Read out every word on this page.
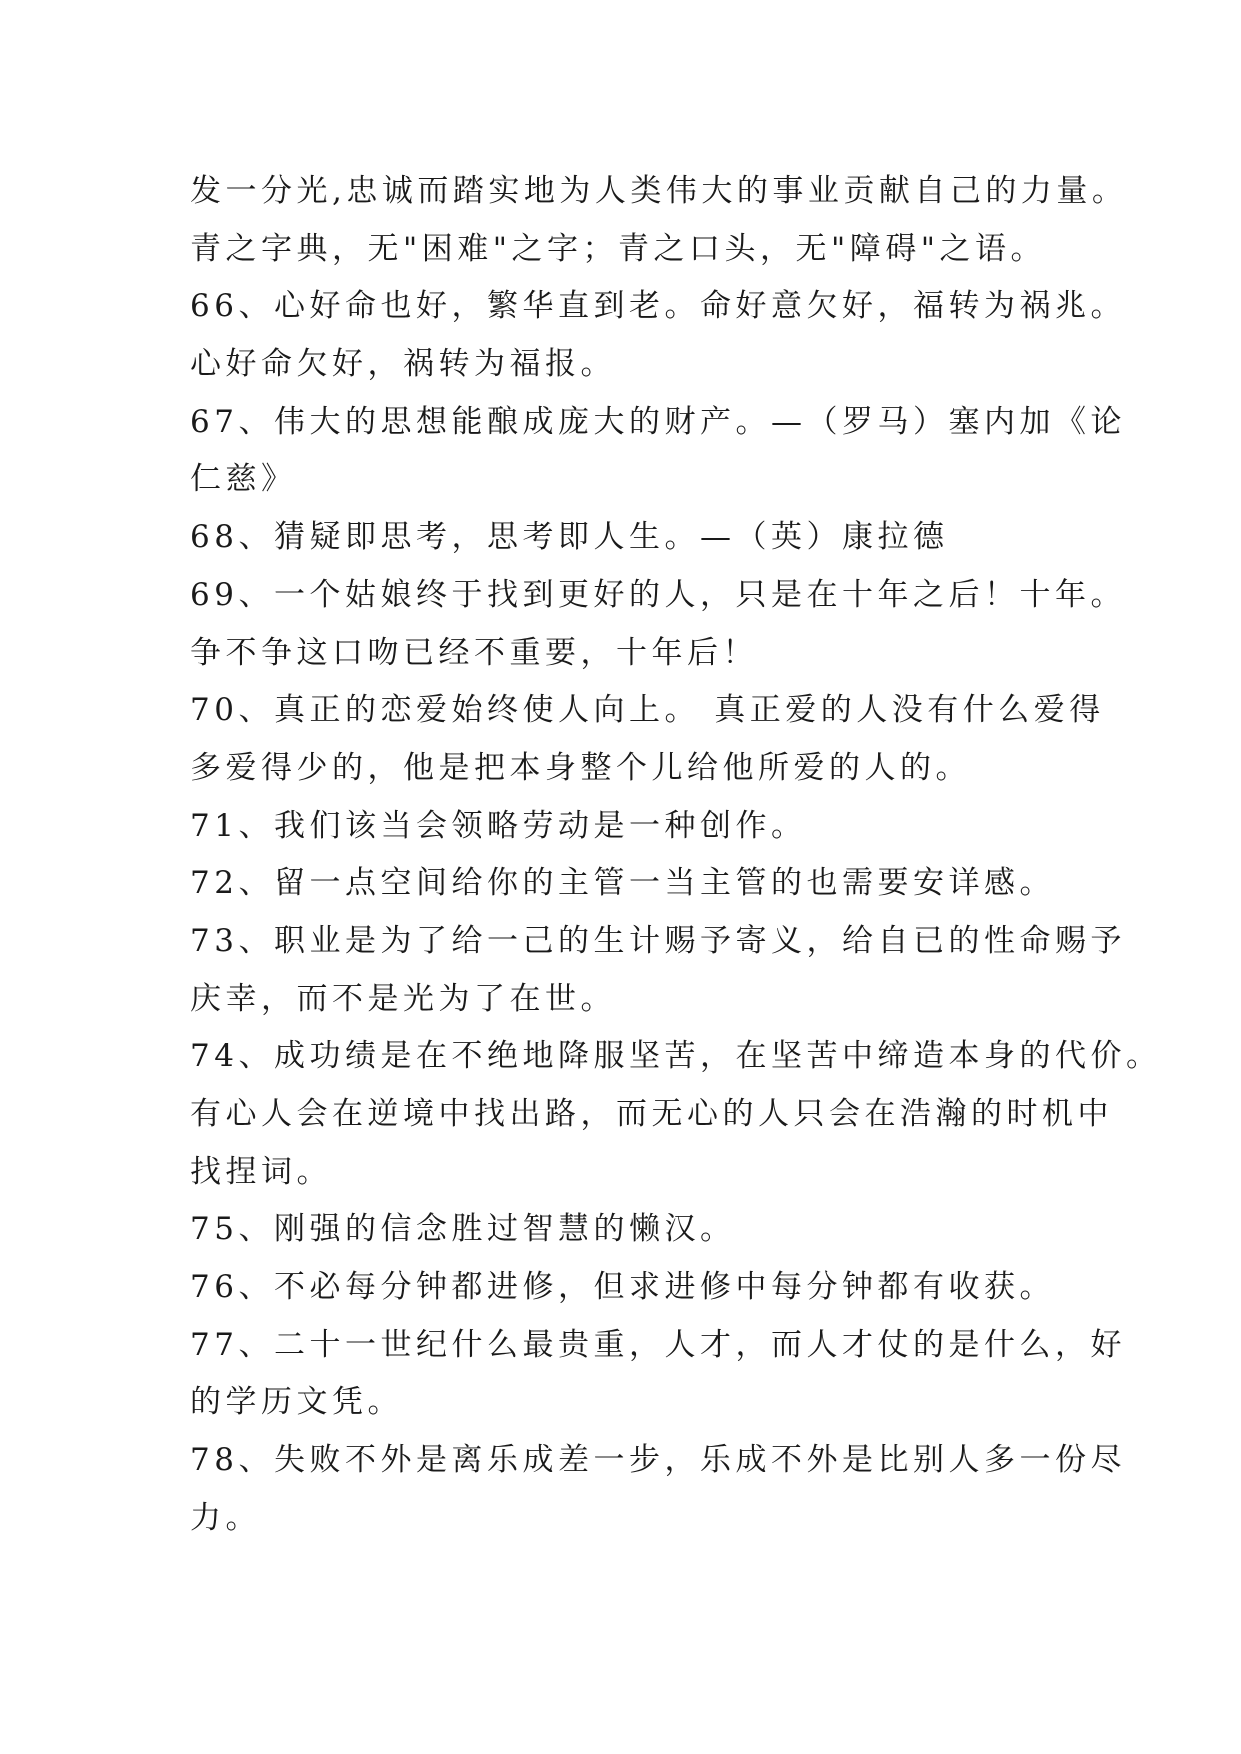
发一分光,忠诚而踏实地为人类伟大的事业贡献自己的力量。
青之字典，无"困难"之字；青之口头，无"障碍"之语。
66、心好命也好，繁华直到老。命好意欠好，福转为祸兆。
心好命欠好，祸转为福报。
67、伟大的思想能酿成庞大的财产。—（罗马）塞内加《论
仁慈》
68、猜疑即思考，思考即人生。—（英）康拉德
69、一个姑娘终于找到更好的人，只是在十年之后！十年。
争不争这口吻已经不重要，十年后！
70、真正的恋爱始终使人向上。 真正爱的人没有什么爱得
多爱得少的，他是把本身整个儿给他所爱的人的。
71、我们该当会领略劳动是一种创作。
72、留一点空间给你的主管一当主管的也需要安详感。
73、职业是为了给一己的生计赐予寄义，给自已的性命赐予
庆幸，而不是光为了在世。
74、成功绩是在不绝地降服坚苦，在坚苦中缔造本身的代价。
有心人会在逆境中找出路，而无心的人只会在浩瀚的时机中
找捏词。
75、刚强的信念胜过智慧的懒汉。
76、不必每分钟都进修，但求进修中每分钟都有收获。
77、二十一世纪什么最贵重，人才，而人才仗的是什么，好
的学历文凭。
78、失败不外是离乐成差一步，乐成不外是比别人多一份尽
力。
